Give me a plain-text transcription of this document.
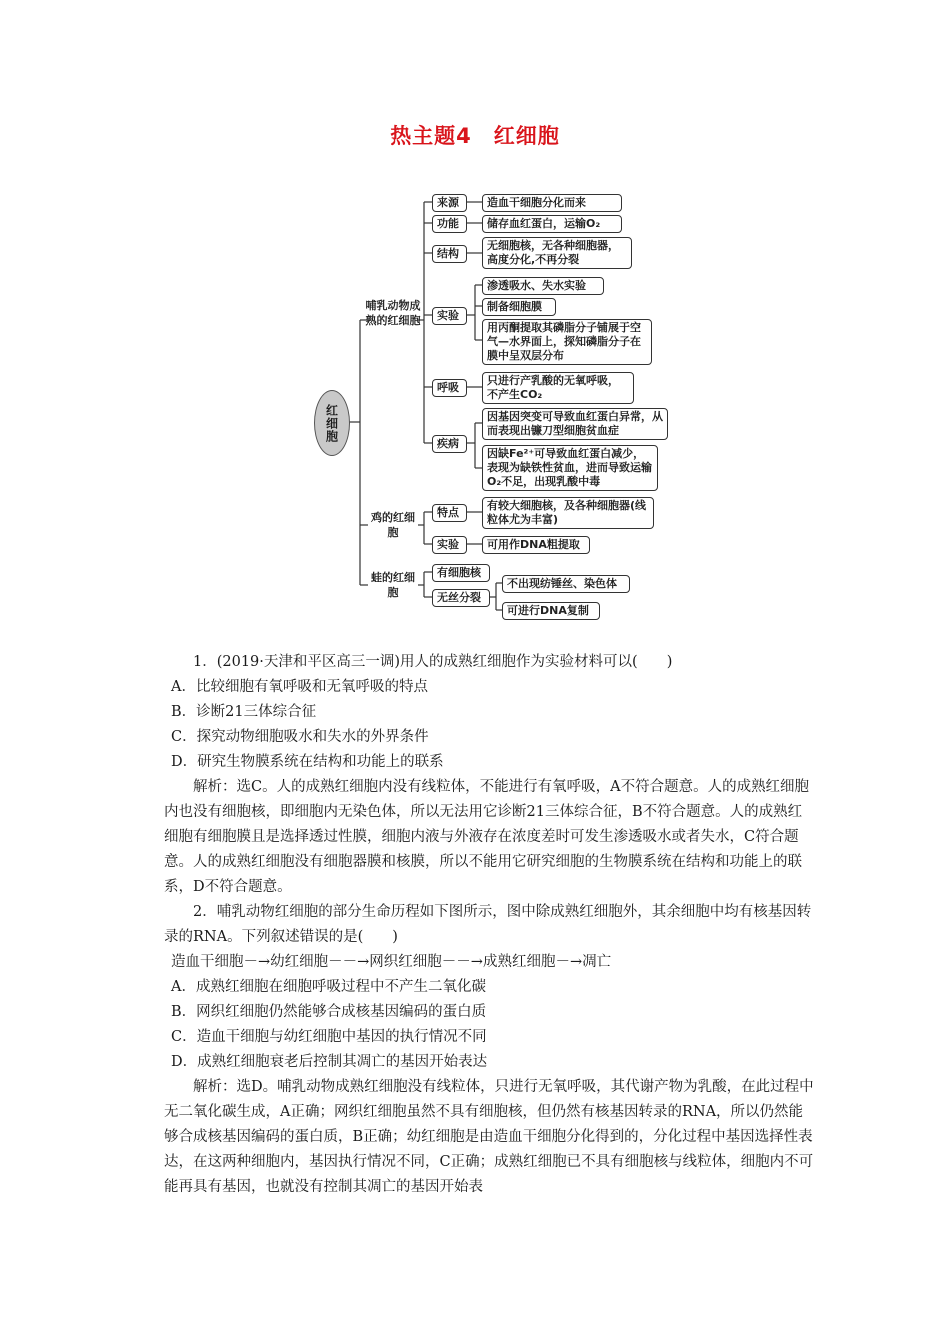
热主题4　红细胞
红细胞
哺乳动物成熟的红细胞
鸡的红细胞
蛙的红细胞
来源
功能
结构
实验
呼吸
疾病
造血干细胞分化而来
储存血红蛋白，运输O₂
无细胞核，无各种细胞器，高度分化,不再分裂
渗透吸水、失水实验
制备细胞膜
用丙酮提取其磷脂分子铺展于空气—水界面上，探知磷脂分子在膜中呈双层分布
只进行产乳酸的无氧呼吸，不产生CO₂
因基因突变可导致血红蛋白异常，从而表现出镰刀型细胞贫血症
因缺Fe²⁺可导致血红蛋白减少，表现为缺铁性贫血，进而导致运输O₂不足，出现乳酸中毒
特点
实验
有较大细胞核，及各种细胞器(线粒体尤为丰富)
可用作DNA粗提取
有细胞核
无丝分裂
不出现纺锤丝、染色体
可进行DNA复制

1．(2019·天津和平区高三一调)用人的成熟红细胞作为实验材料可以(　　)

A．比较细胞有氧呼吸和无氧呼吸的特点

B．诊断21三体综合征

C．探究动物细胞吸水和失水的外界条件

D．研究生物膜系统在结构和功能上的联系

解析：选C。人的成熟红细胞内没有线粒体，不能进行有氧呼吸，A不符合题意。人的成熟红细胞内也没有细胞核，即细胞内无染色体，所以无法用它诊断21三体综合征，B不符合题意。人的成熟红细胞有细胞膜且是选择透过性膜，细胞内液与外液存在浓度差时可发生渗透吸水或者失水，C符合题意。人的成熟红细胞没有细胞器膜和核膜，所以不能用它研究细胞的生物膜系统在结构和功能上的联系，D不符合题意。

2．哺乳动物红细胞的部分生命历程如下图所示，图中除成熟红细胞外，其余细胞中均有核基因转录的RNA。下列叙述错误的是(　　)

造血干细胞－→幼红细胞－－→网织红细胞－－→成熟红细胞－→凋亡

A．成熟红细胞在细胞呼吸过程中不产生二氧化碳

B．网织红细胞仍然能够合成核基因编码的蛋白质

C．造血干细胞与幼红细胞中基因的执行情况不同

D．成熟红细胞衰老后控制其凋亡的基因开始表达

解析：选D。哺乳动物成熟红细胞没有线粒体，只进行无氧呼吸，其代谢产物为乳酸，在此过程中无二氧化碳生成，A正确；网织红细胞虽然不具有细胞核，但仍然有核基因转录的RNA，所以仍然能够合成核基因编码的蛋白质，B正确；幼红细胞是由造血干细胞分化得到的，分化过程中基因选择性表达，在这两种细胞内，基因执行情况不同，C正确；成熟红细胞已不具有细胞核与线粒体，细胞内不可能再具有基因，也就没有控制其凋亡的基因开始表
